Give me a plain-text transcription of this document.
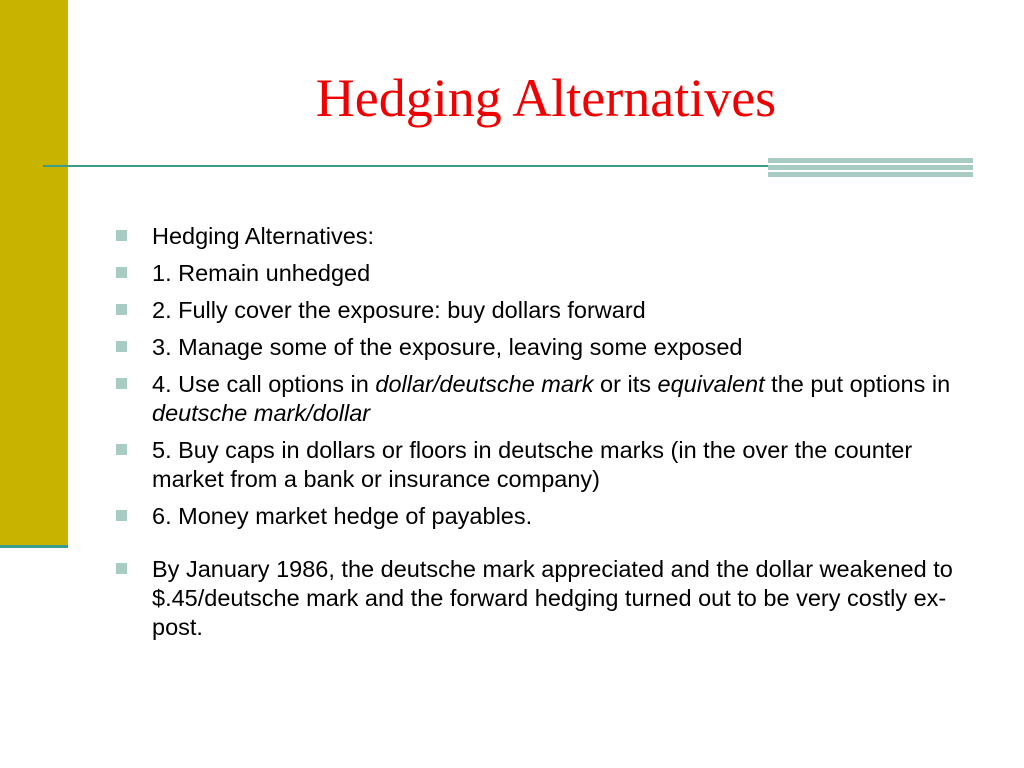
Hedging Alternatives
Hedging Alternatives:
1. Remain unhedged
2. Fully cover the exposure: buy dollars forward
3. Manage some of the exposure, leaving some exposed
4. Use call options in dollar/deutsche mark or its equivalent the put options in deutsche mark/dollar
5. Buy caps in dollars or floors in deutsche marks (in the over the counter market from a bank or insurance company)
6. Money market hedge of payables.
By January 1986, the deutsche mark appreciated and the dollar weakened to $.45/deutsche mark and the forward hedging turned out to be very costly ex-post.
